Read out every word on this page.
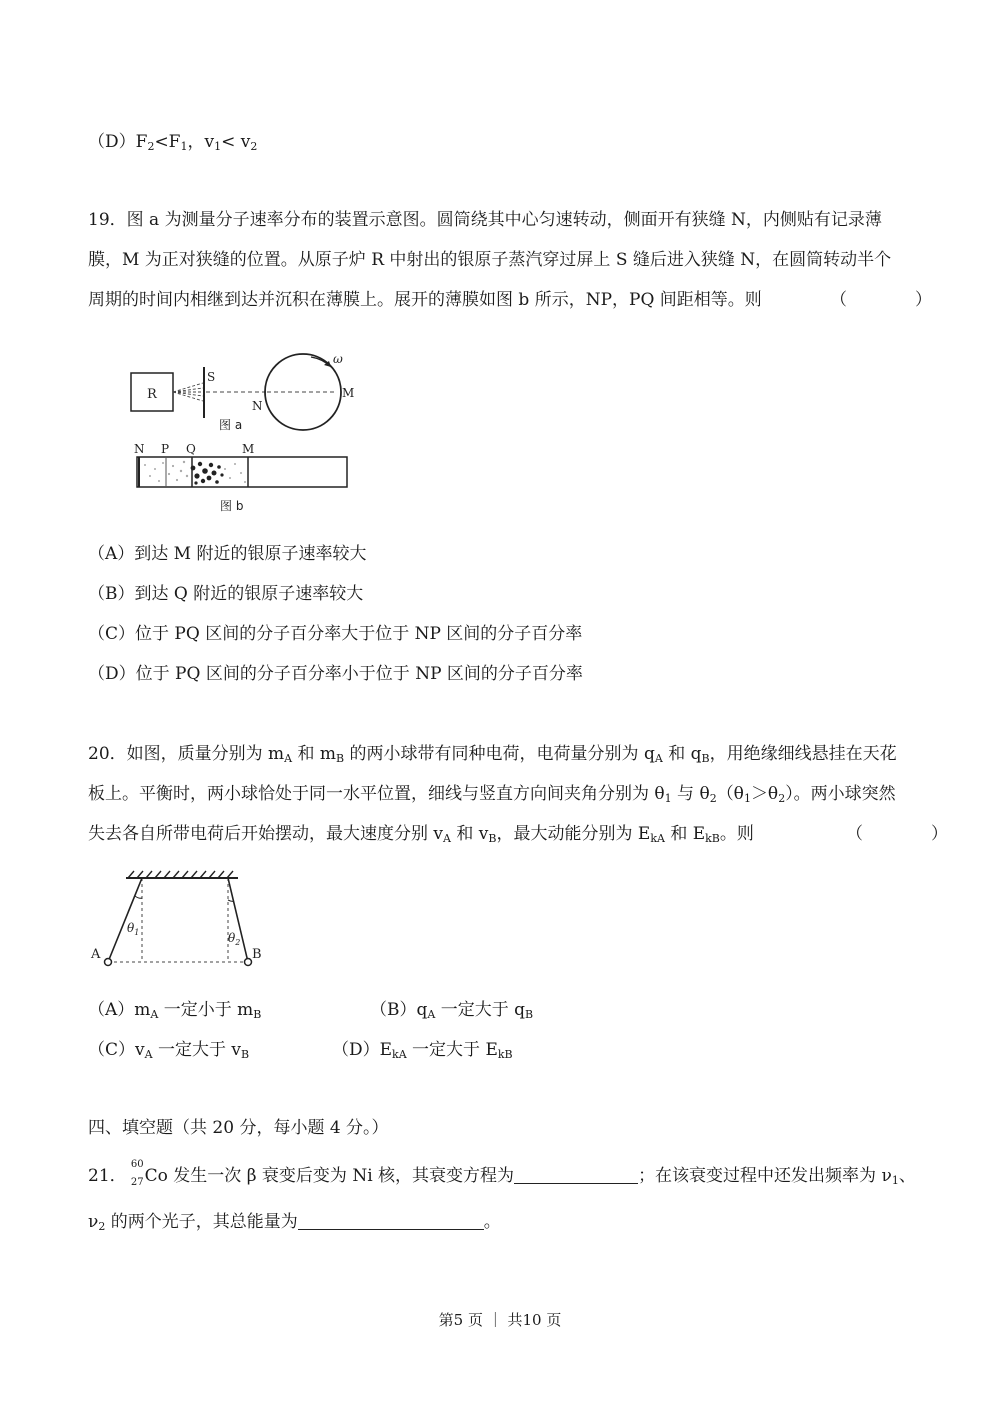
$(D)F_2<F_1$，$v_1< v_2$
19．图 a 为测量分子速率分布的装置示意图。圆筒绕其中心匀速转动，侧面开有狭缝 N，内侧贴有记录薄
膜，M 为正对狭缝的位置。从原子炉 R 中射出的银原子蒸汽穿过屏上 S 缝后进入狭缝 N，在圆筒转动半个
周期的时间内相继到达并沉积在薄膜上。展开的薄膜如图 b 所示，NP，PQ 间距相等。则	（　　　　）
R
S
N
M
ω
图 a
N P Q	M
图 b
（A）到达 M 附近的银原子速率较大
（B）到达 Q 附近的银原子速率较大
（C）位于 PQ 区间的分子百分率大于位于 NP 区间的分子百分率
（D）位于 PQ 区间的分子百分率小于位于 NP 区间的分子百分率
20．如图，质量分别为 $m_A$ 和 $m_B$ 的两小球带有同种电荷，电荷量分别为 $q_A$ 和 $q_B$，用绝缘细线悬挂在天花
板上。平衡时，两小球恰处于同一水平位置，细线与竖直方向间夹角分别为 $\theta_1$ 与 $\theta_2(\theta_1>\theta_2)$。两小球突然
失去各自所带电荷后开始摆动，最大速度分别 $v_A$ 和 $v_B$，最大动能分别为 $E_{kA}$ 和 $E_{kB}$。则	（　　　　）
$\theta_1$	$\theta_2$
A	B
$(A)m_A$ 一定小于 $m_B$	$(B)q_A$ 一定大于 $q_B$
$(C)v_A$ 一定大于 $v_B$	$(D)E_{kA}$ 一定大于 $E_{kB}$
四、填空题（共 20 分，每小题 4 分。）
21．
60
27 Co 发生一次 β 衰变后变为 Ni 核，其衰变方程为	；在该衰变过程中还发出频率为 $\nu_1$、
$\nu_2$ 的两个光子，其总能量为	。
第5 页 ｜ 共10 页
